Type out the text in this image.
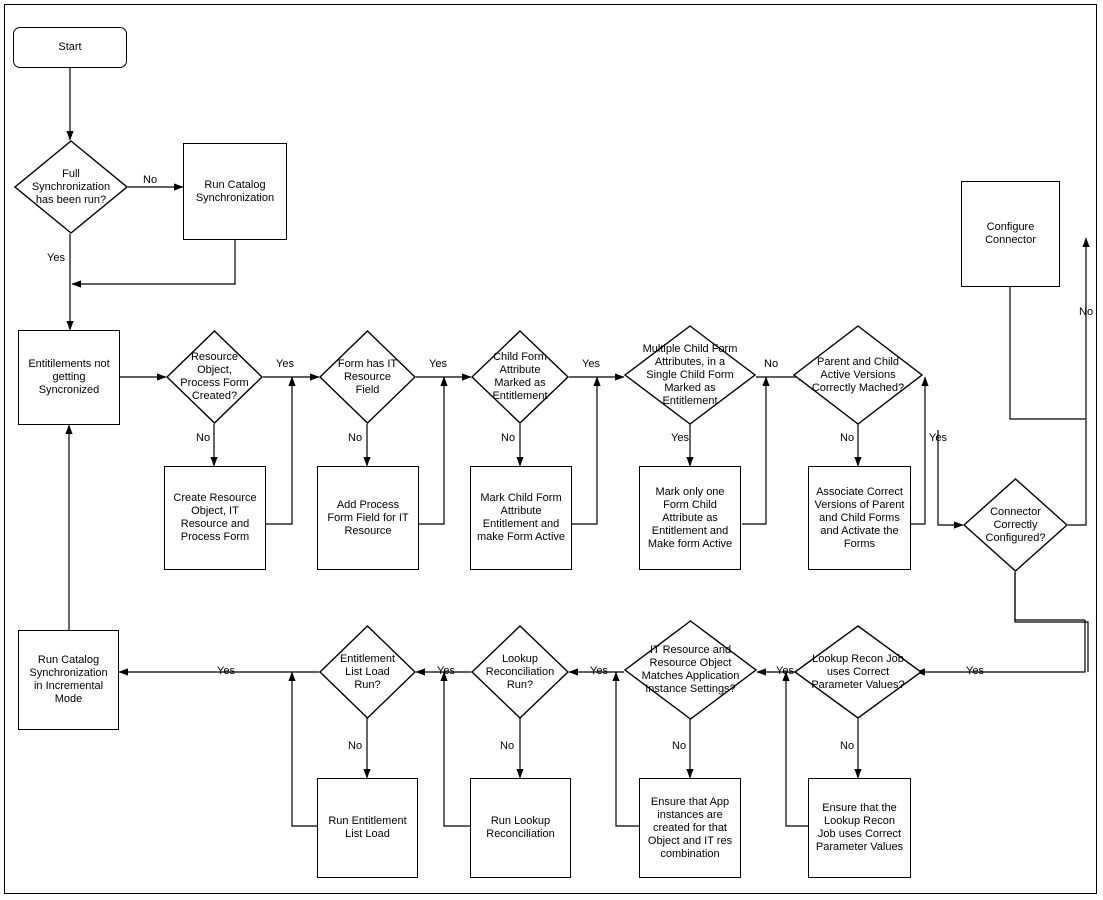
Start
Full Synchronization has been run?
Run Catalog Synchronization
Entitilements not getting Syncronized
Resource Object, Process Form Created?
Create Resource Object, IT Resource and Process Form
Form has IT Resource Field
Add Process Form Field for IT Resource
Child Form Attribute Marked as Entitlement
Mark Child Form Attribute Entitlement and make Form Active
Multiple Child Form Attributes, in a Single Child Form Marked as Entitlement
Mark only one Form Child Attribute as Entitlement and Make form Active
Parent and Child Active Versions Correctly Mached?
Associate Correct Versions of Parent and Child Forms and Activate the Forms
Configure Connector
Connector Correctly Configured?
Lookup Recon Job uses Correct Parameter Values?
Ensure that the Lookup Recon Job uses Correct Parameter Values
IT Resource and Resource Object Matches Application Instance Settings?
Ensure that App instances are created for that Object and IT res combination
Lookup Reconciliation Run?
Run Lookup Reconciliation
Entitlement List Load Run?
Run Entitlement List Load
Run Catalog Synchronization in Incremental Mode
No
Yes
Yes
No
Yes
No
Yes
No
No
Yes	No	Yes
No
Yes
No
Yes
No
Yes
No
Yes
No
Yes
